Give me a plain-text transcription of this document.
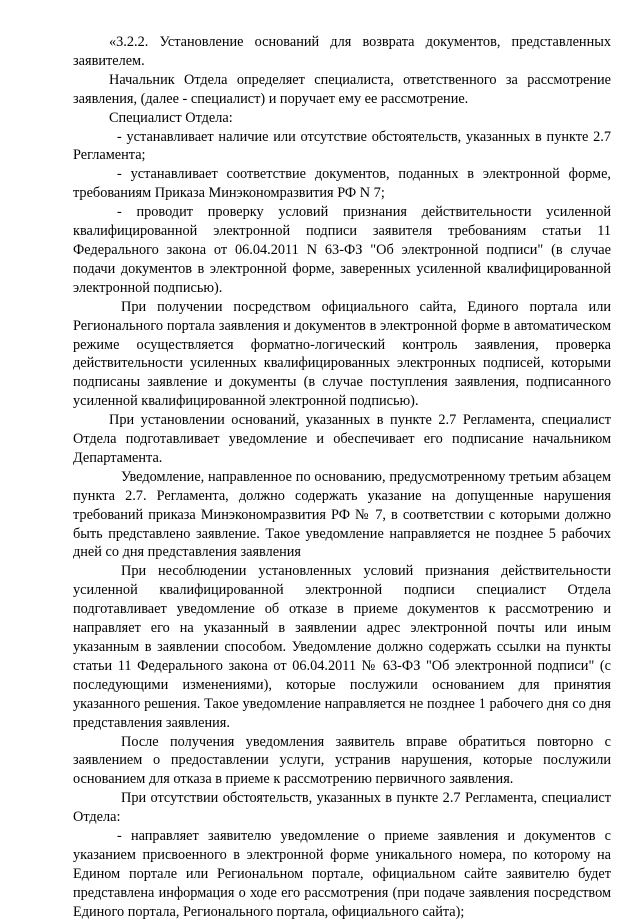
«3.2.2. Установление оснований для возврата документов, представленных заявителем.

Начальник Отдела определяет специалиста, ответственного за рассмотрение заявления, (далее - специалист) и поручает ему ее рассмотрение.

Специалист Отдела:

- устанавливает наличие или отсутствие обстоятельств, указанных в пункте 2.7 Регламента;

- устанавливает соответствие документов, поданных в электронной форме, требованиям Приказа Минэкономразвития РФ N 7;

- проводит проверку условий признания действительности усиленной квалифицированной электронной подписи заявителя требованиям статьи 11 Федерального закона от 06.04.2011 N 63-ФЗ "Об электронной подписи" (в случае подачи документов в электронной форме, заверенных усиленной квалифицированной электронной подписью).

При получении посредством официального сайта, Единого портала или Регионального портала заявления и документов в электронной форме в автоматическом режиме осуществляется форматно-логический контроль заявления, проверка действительности усиленных квалифицированных электронных подписей, которыми подписаны заявление и документы (в случае поступления заявления, подписанного усиленной квалифицированной электронной подписью).

При установлении оснований, указанных в пункте 2.7 Регламента, специалист Отдела подготавливает уведомление и обеспечивает его подписание начальником Департамента.

Уведомление, направленное по основанию, предусмотренному третьим абзацем пункта 2.7. Регламента, должно содержать указание на допущенные нарушения требований приказа Минэкономразвития РФ № 7, в соответствии с которыми должно быть представлено заявление. Такое уведомление направляется не позднее 5 рабочих дней со дня представления заявления

При несоблюдении установленных условий признания действительности усиленной квалифицированной электронной подписи специалист Отдела подготавливает уведомление об отказе в приеме документов к рассмотрению и направляет его на указанный в заявлении адрес электронной почты или иным указанным в заявлении способом. Уведомление должно содержать ссылки на пункты статьи 11 Федерального закона от 06.04.2011 № 63-ФЗ "Об электронной подписи" (с последующими изменениями), которые послужили основанием для принятия указанного решения. Такое уведомление направляется не позднее 1 рабочего дня со дня представления заявления.

После получения уведомления заявитель вправе обратиться повторно с заявлением о предоставлении услуги, устранив нарушения, которые послужили основанием для отказа в приеме к рассмотрению первичного заявления.

При отсутствии обстоятельств, указанных в пункте 2.7 Регламента, специалист Отдела:

- направляет заявителю уведомление о приеме заявления и документов с указанием присвоенного в электронной форме уникального номера, по которому на Едином портале или Региональном портале, официальном сайте заявителю будет представлена информация о ходе его рассмотрения (при подаче заявления посредством Единого портала, Регионального портала, официального сайта);
